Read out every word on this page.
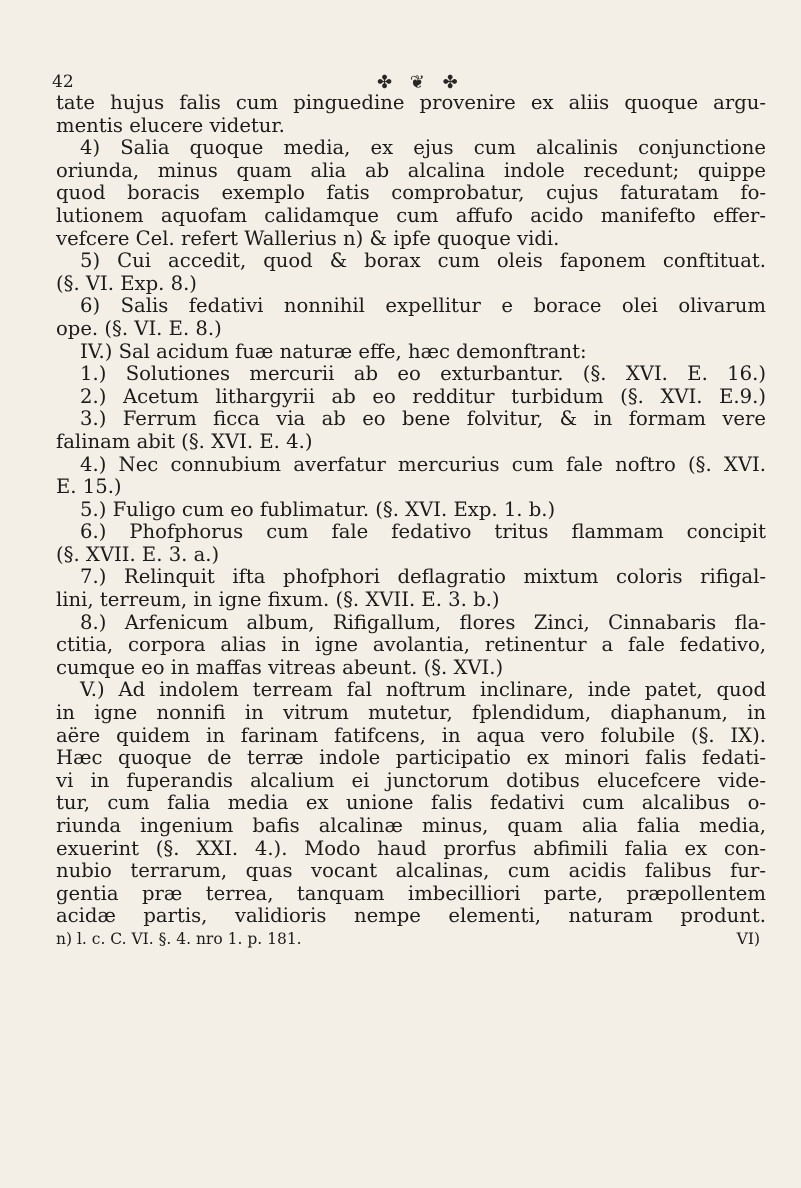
42	✤ ❦ ✤
tate hujus falis cum pinguedine provenire ex aliis quoque argu-
mentis elucere videtur.
4) Salia quoque media, ex ejus cum alcalinis conjunctione
oriunda, minus quam alia ab alcalina indole recedunt; quippe
quod boracis exemplo fatis comprobatur, cujus faturatam fo-
lutionem aquofam calidamque cum affufo acido manifefto effer-
vefcere Cel. refert Wallerius n) & ipfe quoque vidi.
5) Cui accedit, quod & borax cum oleis faponem conftituat.
(§. VI. Exp. 8.)
6) Salis fedativi nonnihil expellitur e borace olei olivarum
ope. (§. VI. E. 8.)
IV.) Sal acidum fuæ naturæ effe, hæc demonftrant:
1.) Solutiones mercurii ab eo exturbantur. (§. XVI. E. 16.)
2.) Acetum lithargyrii ab eo redditur turbidum (§. XVI. E.9.)
3.) Ferrum ficca via ab eo bene folvitur, & in formam vere
falinam abit (§. XVI. E. 4.)
4.) Nec connubium averfatur mercurius cum fale noftro (§. XVI.
E. 15.)
5.) Fuligo cum eo fublimatur. (§. XVI. Exp. 1. b.)
6.) Phofphorus cum fale fedativo tritus flammam concipit
(§. XVII. E. 3. a.)
7.) Relinquit ifta phofphori deflagratio mixtum coloris rifigal-
lini, terreum, in igne fixum. (§. XVII. E. 3. b.)
8.) Arfenicum album, Rifigallum, flores Zinci, Cinnabaris fla-
ctitia, corpora alias in igne avolantia, retinentur a fale fedativo,
cumque eo in maffas vitreas abeunt. (§. XVI.)
V.) Ad indolem terream fal noftrum inclinare, inde patet, quod
in igne nonnifi in vitrum mutetur, fplendidum, diaphanum, in
aëre quidem in farinam fatifcens, in aqua vero folubile (§. IX).
Hæc quoque de terræ indole participatio ex minori falis fedati-
vi in fuperandis alcalium ei junctorum dotibus elucefcere vide-
tur, cum falia media ex unione falis fedativi cum alcalibus o-
riunda ingenium bafis alcalinæ minus, quam alia falia media,
exuerint (§. XXI. 4.). Modo haud prorfus abfimili falia ex con-
nubio terrarum, quas vocant alcalinas, cum acidis falibus fur-
gentia præ terrea, tanquam imbecilliori parte, præpollentem
acidæ partis, validioris nempe elementi, naturam produnt.
n) l. c. C. VI. §. 4. nro 1. p. 181.	VI)
